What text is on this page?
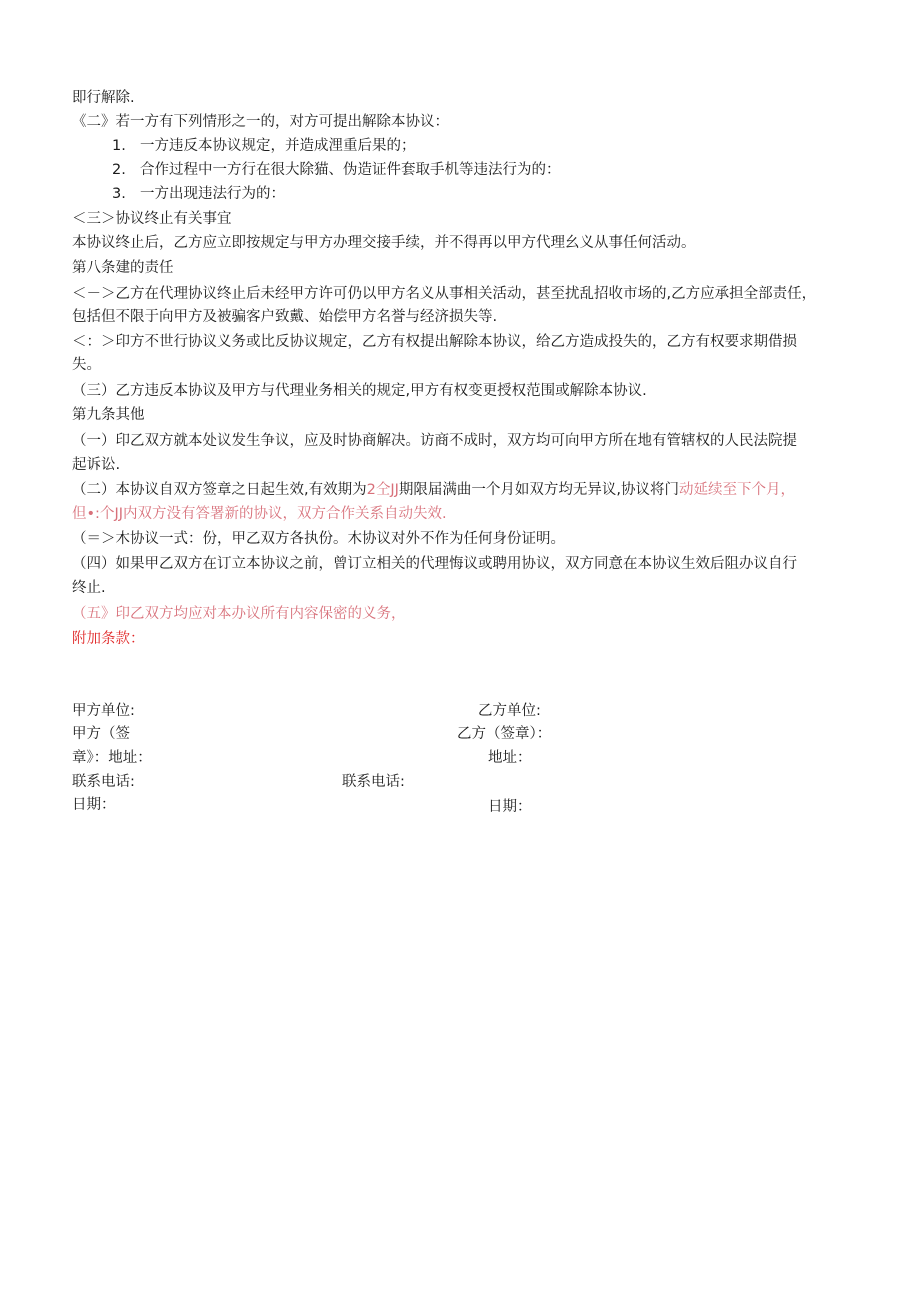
即行解除.
《二》若一方有下列情形之一的，对方可提出解除本协议：
1. 一方违反本协议规定，并造成浬重后果的；
2. 合作过程中一方行在很大除猫、伪造证件套取手机等违法行为的：
3. 一方出现违法行为的：
＜三＞协议终止有关事宜
本协议终止后，乙方应立即按规定与甲方办理交接手续，并不得再以甲方代理幺义从事任何活动。
第八条建的责任
＜－＞乙方在代理协议终止后未经甲方许可仍以甲方名义从事相关活动，甚至扰乱招收市场的,乙方应承担全部责任，
包括但不限于向甲方及被骗客户致戴、始偿甲方名誉与经济损失等.
＜：＞印方不世行协议义务或比反协议规定，乙方有权提出解除本协议，给乙方造成投失的，乙方有权要求期借损
失。
（三）乙方违反本协议及甲方与代理业务相关的规定,甲方有权变更授权范围或解除本协议.
第九条其他
（一）印乙双方就本处议发生争议，应及时协商解决。访商不成时，双方均可向甲方所在地有管辖权的人民法院提
起诉讼.
（二）本协议自双方签章之日起生效,有效期为2仝JJ期限届满曲一个月如双方均无异议,协议将门动延续至下个月，
但•:个JJ内双方没有答署新的协议，双方合作关系自动失效.
（＝＞木协议一式：份，甲乙双方各执份。木协议对外不作为任何身份证明。
（四）如果甲乙双方在订立本协议之前，曾订立相关的代理悔议或聘用协议，双方同意在本协议生效后阻办议自行
终止.
（五》印乙双方均应对本办议所有内容保密的义务，
附加条款：
甲方单位:	乙方单位:
甲方（签	乙方（签章）：
章》：地址：	地址：
联系电话:	联系电话:
日期：	日期：
